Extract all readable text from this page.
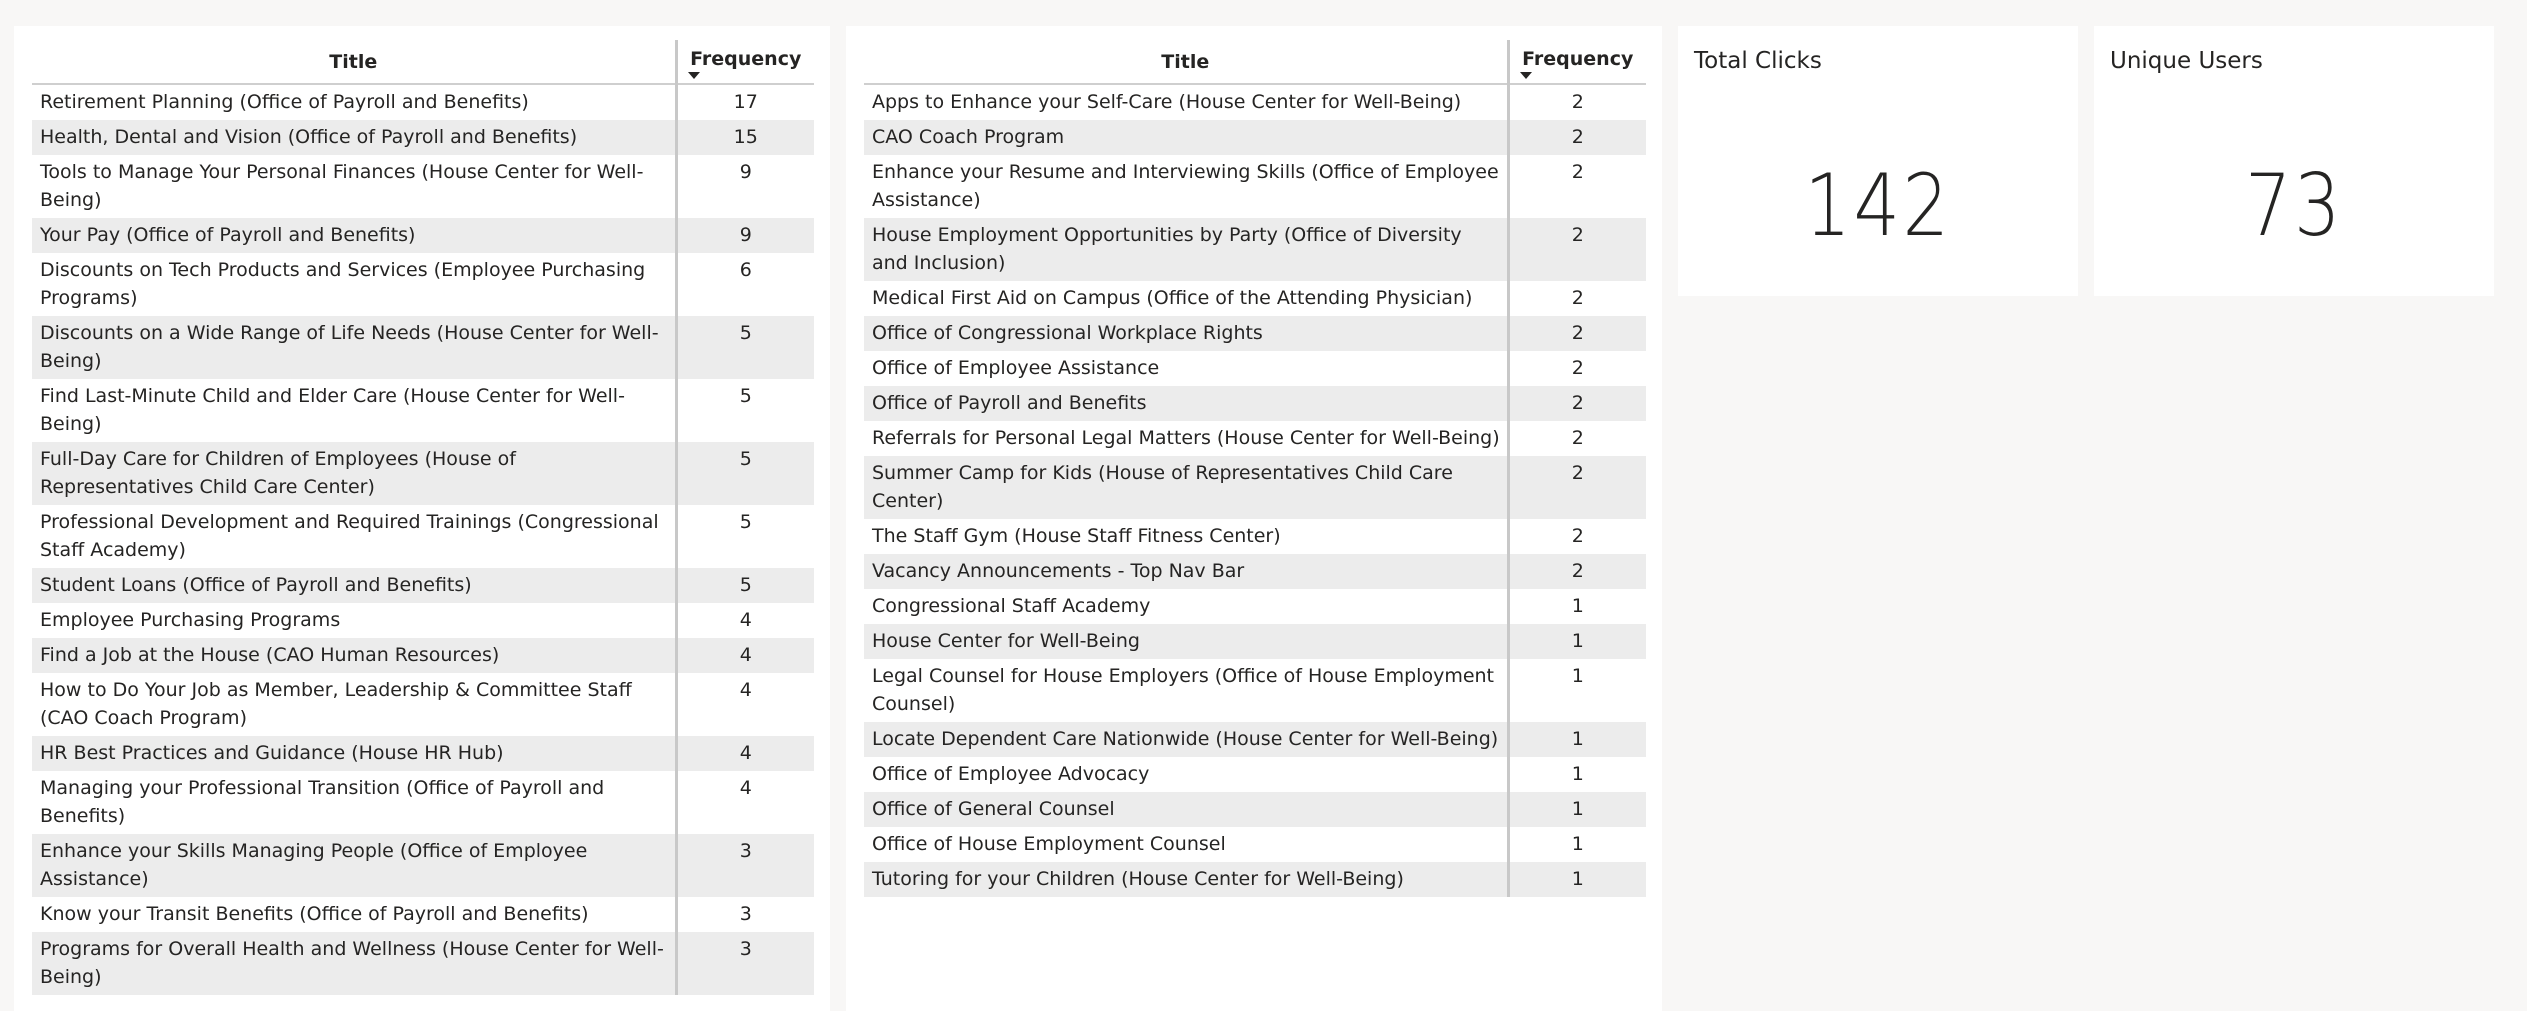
Title	Frequency

Retirement Planning (Office of Payroll and Benefits)	17
Health, Dental and Vision (Office of Payroll and Benefits)	15
Tools to Manage Your Personal Finances (House Center for Well-Being)	9
Your Pay (Office of Payroll and Benefits)	9
Discounts on Tech Products and Services (Employee Purchasing Programs)	6
Discounts on a Wide Range of Life Needs (House Center for Well-Being)	5
Find Last-Minute Child and Elder Care (House Center for Well-Being)	5
Full-Day Care for Children of Employees (House of Representatives Child Care Center)	5
Professional Development and Required Trainings (Congressional Staff Academy)	5
Student Loans (Office of Payroll and Benefits)	5
Employee Purchasing Programs	4
Find a Job at the House (CAO Human Resources)	4
How to Do Your Job as Member, Leadership & Committee Staff (CAO Coach Program)	4
HR Best Practices and Guidance (House HR Hub)	4
Managing your Professional Transition (Office of Payroll and Benefits)	4
Enhance your Skills Managing People (Office of Employee Assistance)	3
Know your Transit Benefits (Office of Payroll and Benefits)	3
Programs for Overall Health and Wellness (House Center for Well-Being)	3
Title	Frequency

Apps to Enhance your Self-Care (House Center for Well-Being)	2
CAO Coach Program	2
Enhance your Resume and Interviewing Skills (Office of Employee Assistance)	2
House Employment Opportunities by Party (Office of Diversity and Inclusion)	2
Medical First Aid on Campus (Office of the Attending Physician)	2
Office of Congressional Workplace Rights	2
Office of Employee Assistance	2
Office of Payroll and Benefits	2
Referrals for Personal Legal Matters (House Center for Well-Being)	2
Summer Camp for Kids (House of Representatives Child Care Center)	2
The Staff Gym (House Staff Fitness Center)	2
Vacancy Announcements - Top Nav Bar	2
Congressional Staff Academy	1
House Center for Well-Being	1
Legal Counsel for House Employers (Office of House Employment Counsel)	1
Locate Dependent Care Nationwide (House Center for Well-Being)	1
Office of Employee Advocacy	1
Office of General Counsel	1
Office of House Employment Counsel	1
Tutoring for your Children (House Center for Well-Being)	1
Total Clicks
142
Unique Users
73
